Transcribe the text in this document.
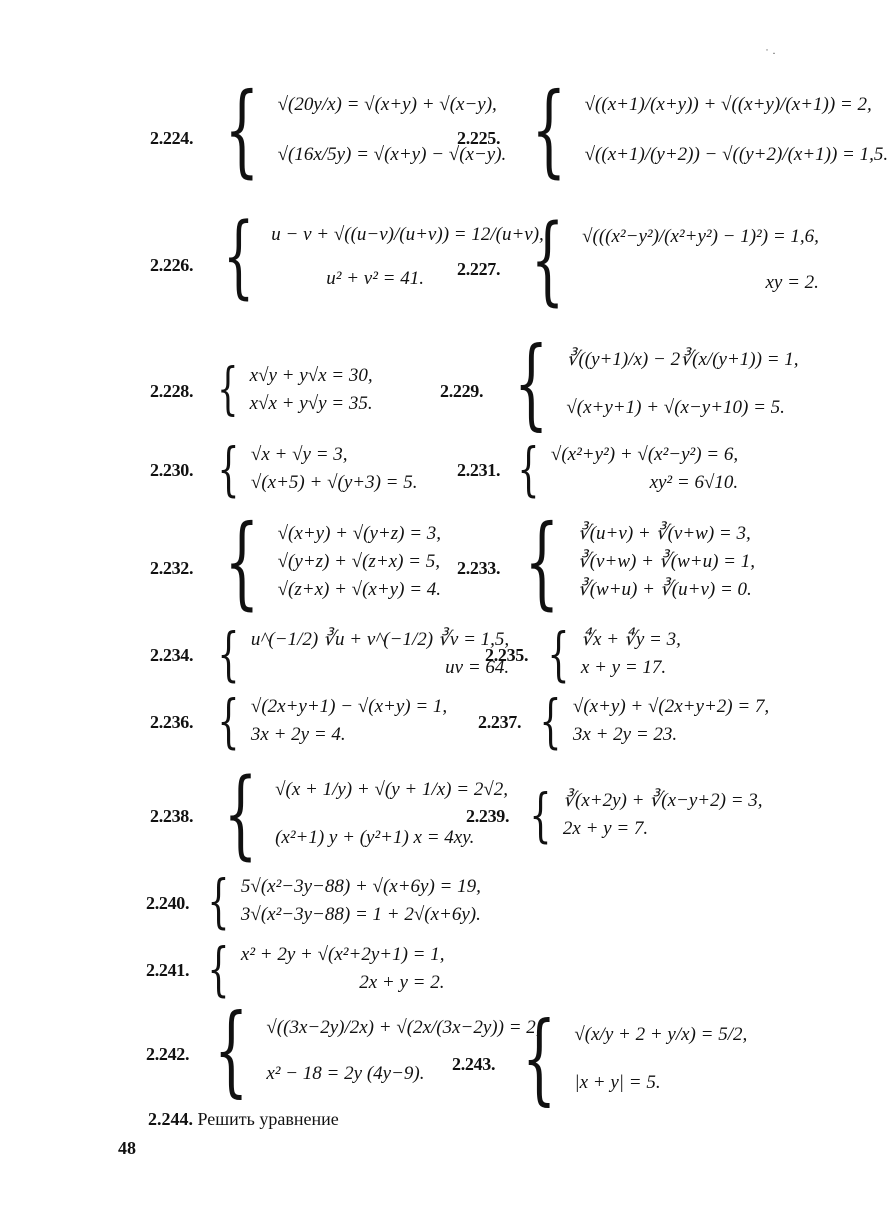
˙ ·
2.224. { √(20y/x) = √(x+y) + √(x−y),
√(16x/5y) = √(x+y) − √(x−y).
2.225. { √((x+1)/(x+y)) + √((x+y)/(x+1)) = 2,
√((x+1)/(y+2)) − √((y+2)/(x+1)) = 1,5.
2.226. { u − v + √((u−v)/(u+v)) = 12/(u+v),
u² + v² = 41.	2.227. { √(((x²−y²)/(x²+y²) − 1)²) = 1,6,
xy = 2.
2.228. { x√y + y√x = 30,
x√x + y√y = 35.
2.229. { ∛((y+1)/x) − 2∛(x/(y+1)) = 1,
√(x+y+1) + √(x−y+10) = 5.
2.230. { √x + √y = 3,
√(x+5) + √(y+3) = 5.
2.231. { √(x²+y²) + √(x²−y²) = 6,
xy² = 6√10.
2.232. { √(x+y) + √(y+z) = 3,
√(y+z) + √(z+x) = 5,
√(z+x) + √(x+y) = 4.
2.233. { ∛(u+v) + ∛(v+w) = 3,
∛(v+w) + ∛(w+u) = 1,
∛(w+u) + ∛(u+v) = 0.
2.234. { u^(−1/2) ∛u + v^(−1/2) ∛v = 1,5,
uv = 64.
2.235. { ∜x + ∜y = 3,
x + y = 17.
2.236. { √(2x+y+1) − √(x+y) = 1,
3x + 2y = 4.
2.237. { √(x+y) + √(2x+y+2) = 7,
3x + 2y = 23.
2.238. { √(x + 1/y) + √(y + 1/x) = 2√2,
(x²+1) y + (y²+1) x = 4xy.
2.239. { ∛(x+2y) + ∛(x−y+2) = 3,
2x + y = 7.
2.240. { 5√(x²−3y−88) + √(x+6y) = 19,
3√(x²−3y−88) = 1 + 2√(x+6y).
2.241. { x² + 2y + √(x²+2y+1) = 1,
2x + y = 2.
2.242. { √((3x−2y)/2x) + √(2x/(3x−2y)) = 2,
x² − 18 = 2y (4y−9).	2.243. { √(x/y + 2 + y/x) = 5/2,
|x + y| = 5.
2.244. Решить уравнение
48
